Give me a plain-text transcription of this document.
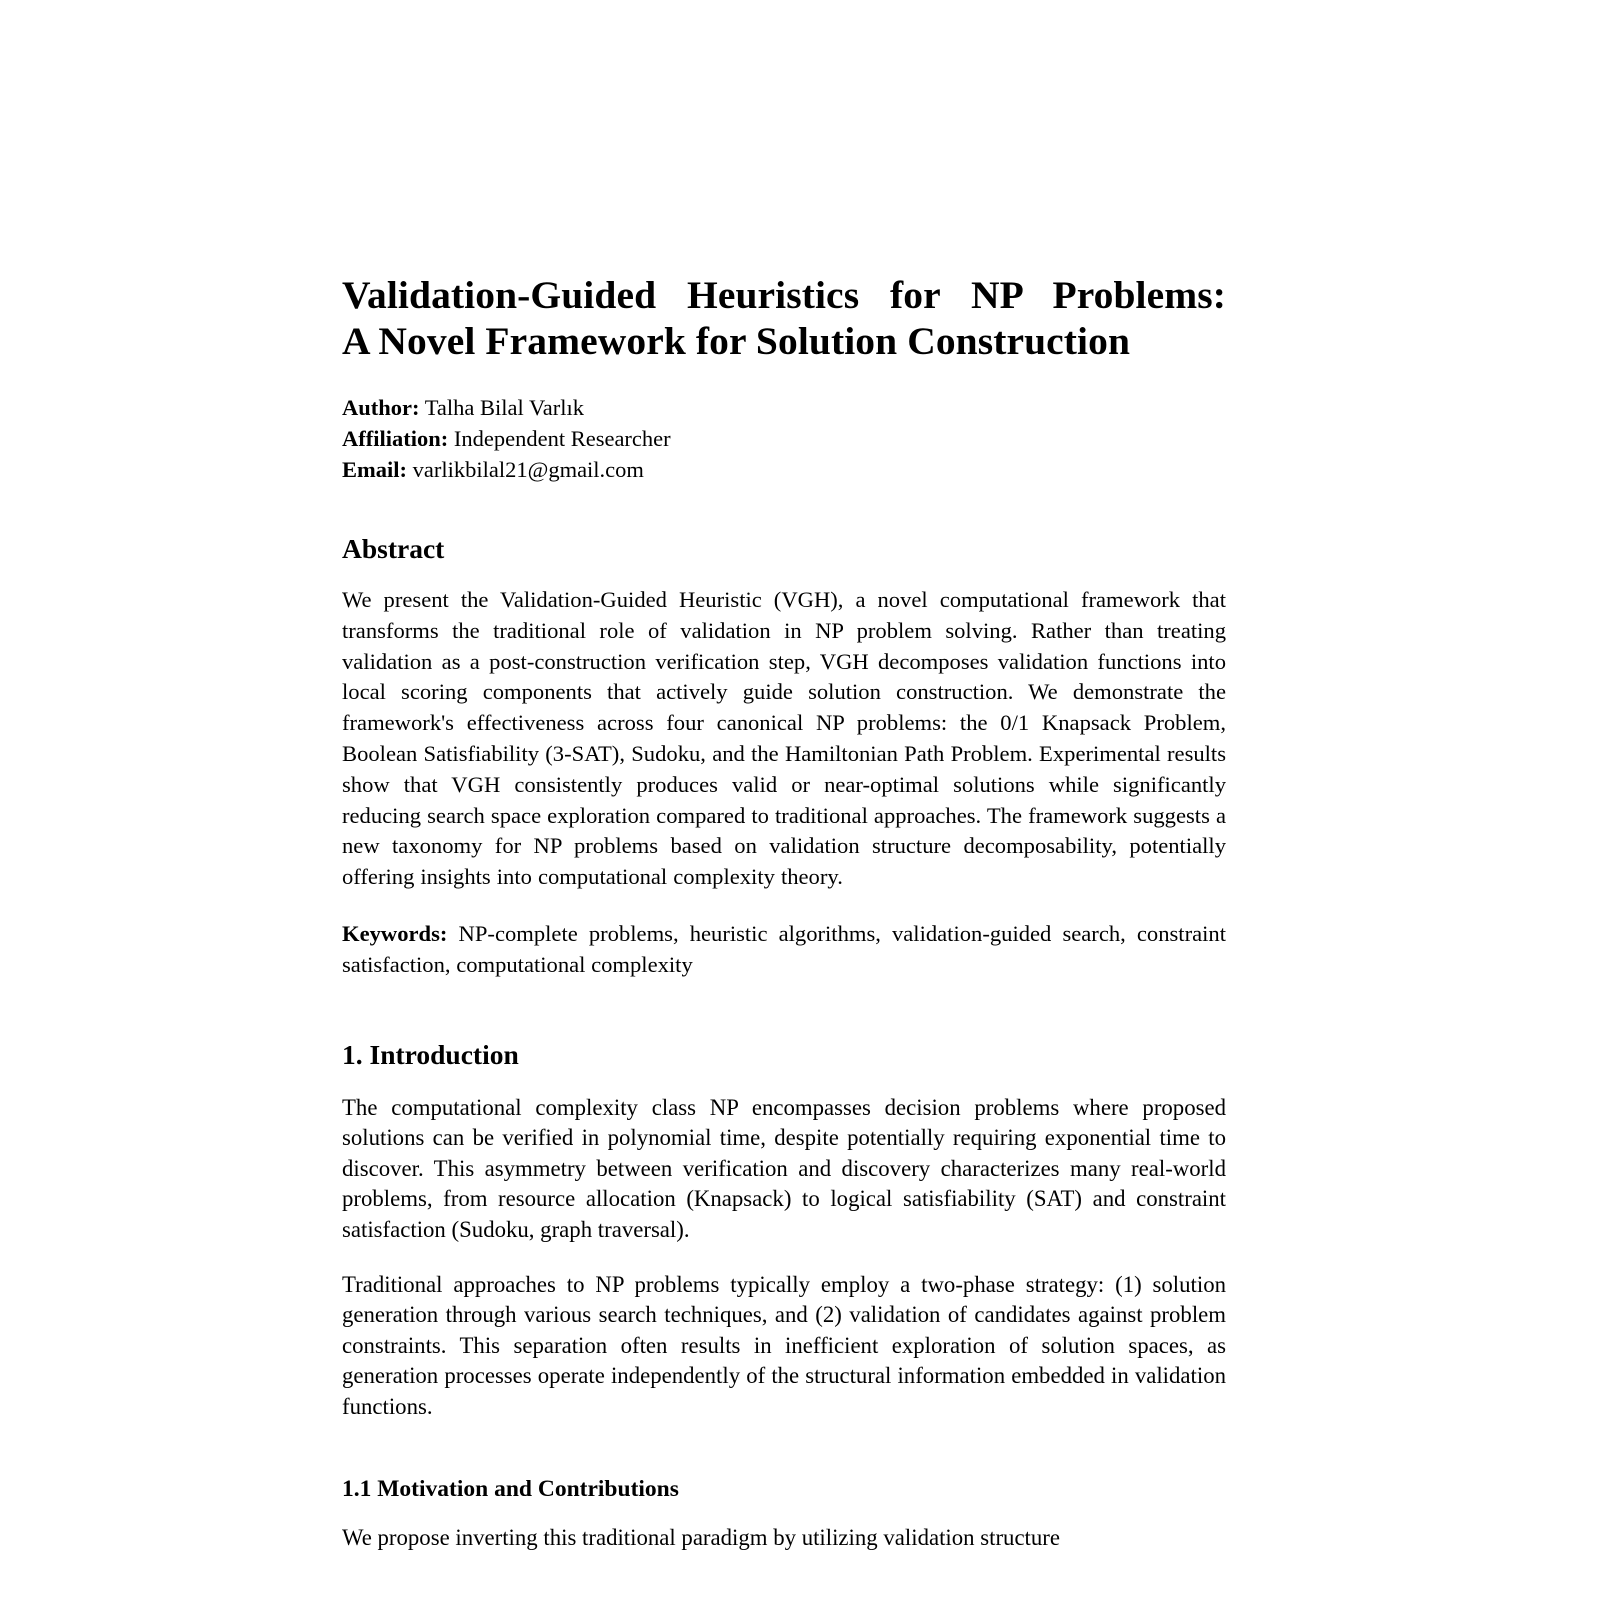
Validation-Guided Heuristics for NP Problems:
A Novel Framework for Solution Construction
Author: Talha Bilal Varlık
Affiliation: Independent Researcher
Email: varlikbilal21@gmail.com
Abstract

We present the Validation-Guided Heuristic (VGH), a novel computational framework that transforms the traditional role of validation in NP problem solving. Rather than treating validation as a post-construction verification step, VGH decomposes validation functions into local scoring components that actively guide solution construction. We demonstrate the framework's effectiveness across four canonical NP problems: the 0/1 Knapsack Problem, Boolean Satisfiability (3-SAT), Sudoku, and the Hamiltonian Path Problem. Experimental results show that VGH consistently produces valid or near-optimal solutions while significantly reducing search space exploration compared to traditional approaches. The framework suggests a new taxonomy for NP problems based on validation structure decomposability, potentially offering insights into computational complexity theory.

Keywords: NP-complete problems, heuristic algorithms, validation-guided search, constraint satisfaction, computational complexity

1. Introduction

The computational complexity class NP encompasses decision problems where proposed solutions can be verified in polynomial time, despite potentially requiring exponential time to discover. This asymmetry between verification and discovery characterizes many real-world problems, from resource allocation (Knapsack) to logical satisfiability (SAT) and constraint satisfaction (Sudoku, graph traversal).

Traditional approaches to NP problems typically employ a two-phase strategy: (1) solution generation through various search techniques, and (2) validation of candidates against problem constraints. This separation often results in inefficient exploration of solution spaces, as generation processes operate independently of the structural information embedded in validation functions.

1.1 Motivation and Contributions

We propose inverting this traditional paradigm by utilizing validation structure
